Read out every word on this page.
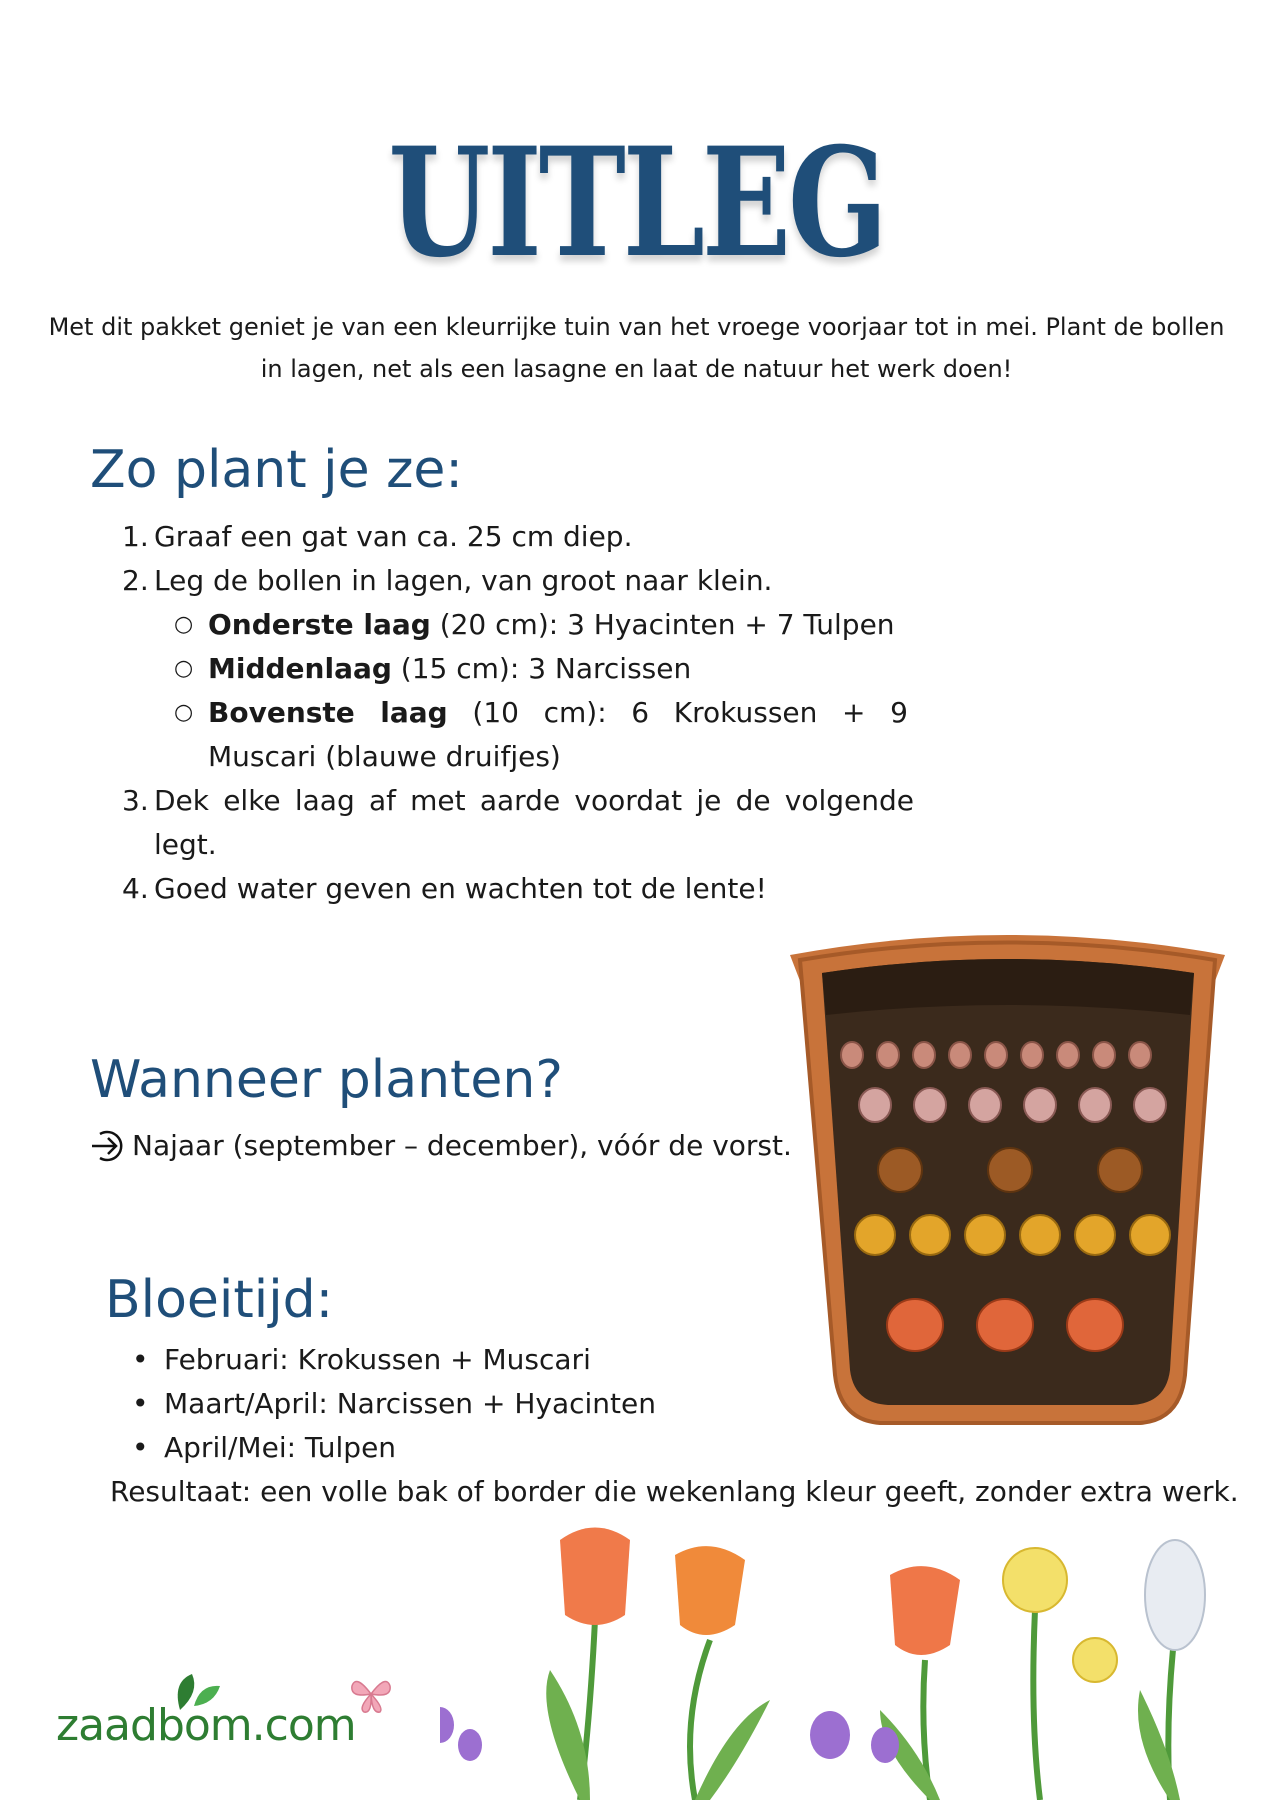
UITLEG
Met dit pakket geniet je van een kleurrijke tuin van het vroege voorjaar tot in mei. Plant de bollen
in lagen, net als een lasagne en laat de natuur het werk doen!
Zo plant je ze:
1. Graaf een gat van ca. 25 cm diep.
2. Leg de bollen in lagen, van groot naar klein.
○ Onderste laag (20 cm): 3 Hyacinten + 7 Tulpen
○ Middenlaag (15 cm): 3 Narcissen
○ Bovenste laag (10 cm): 6 Krokussen + 9 Muscari (blauwe druifjes)
3. Dek elke laag af met aarde voordat je de volgende legt.
4. Goed water geven en wachten tot de lente!
Wanneer planten?
Najaar (september – december), vóór de vorst.
Bloeitijd:
• Februari: Krokussen + Muscari
• Maart/April: Narcissen + Hyacinten
• April/Mei: Tulpen
Resultaat: een volle bak of border die wekenlang kleur geeft, zonder extra werk.
zaadbom.com
